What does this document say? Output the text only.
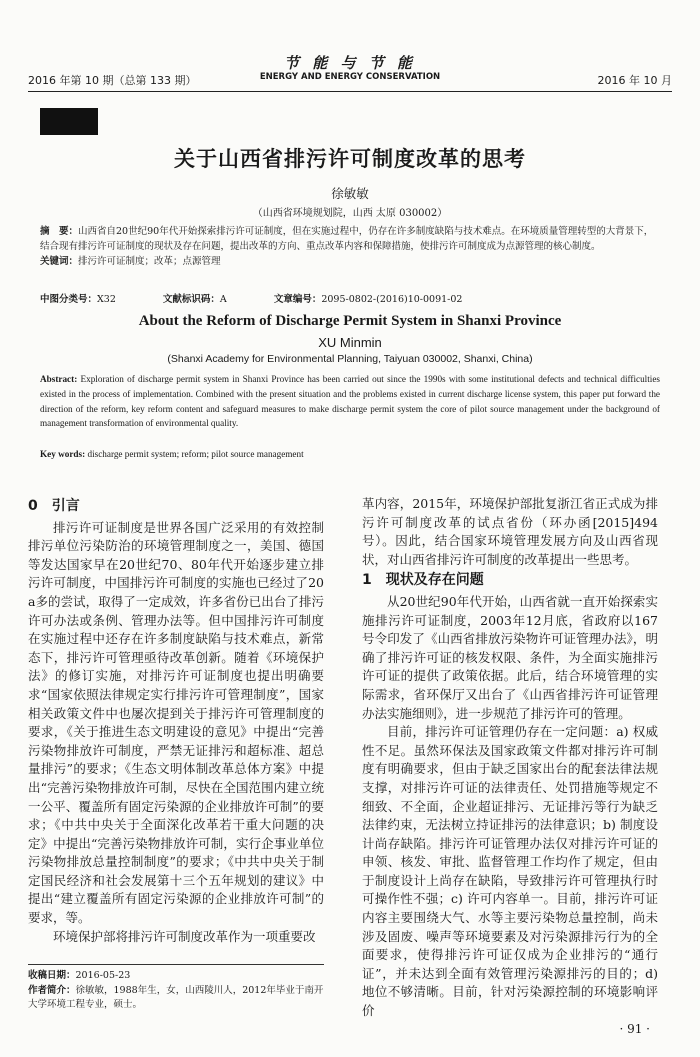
2016 年第 10 期（总第 133 期）
节 能 与 节 能
ENERGY AND ENERGY CONSERVATION	2016 年 10 月
关于山西省排污许可制度改革的思考
徐敏敏
（山西省环境规划院，山西 太原 030002）
摘　要：山西省自20世纪90年代开始探索排污许可证制度，但在实施过程中，仍存在许多制度缺陷与技术难点。在环境质量管理转型的大背景下，结合现有排污许可证制度的现状及存在问题，提出改革的方向、重点改革内容和保障措施，使排污许可制度成为点源管理的核心制度。
关键词：排污许可证制度；改革；点源管理
中图分类号：X32	文献标识码：A	文章编号：2095-0802-(2016)10-0091-02
About the Reform of Discharge Permit System in Shanxi Province
XU Minmin
(Shanxi Academy for Environmental Planning, Taiyuan 030002, Shanxi, China)
Abstract: Exploration of discharge permit system in Shanxi Province has been carried out since the 1990s with some institutional defects and technical difficulties existed in the process of implementation. Combined with the present situation and the problems existed in current discharge license system, this paper put forward the direction of the reform, key reform content and safeguard measures to make discharge permit system the core of pilot source management under the background of management transformation of environmental quality.
Key words: discharge permit system; reform; pilot source management
0　引言

排污许可证制度是世界各国广泛采用的有效控制排污单位污染防治的环境管理制度之一，美国、德国等发达国家早在20世纪70、80年代开始逐步建立排污许可制度，中国排污许可制度的实施也已经过了20 a多的尝试，取得了一定成效，许多省份已出台了排污许可办法或条例、管理办法等。但中国排污许可制度在实施过程中还存在许多制度缺陷与技术难点，新常态下，排污许可管理亟待改革创新。随着《环境保护法》的修订实施，对排污许可证制度也提出明确要求“国家依照法律规定实行排污许可管理制度”，国家相关政策文件中也屡次提到关于排污许可管理制度的要求，《关于推进生态文明建设的意见》中提出“完善污染物排放许可制度，严禁无证排污和超标准、超总量排污”的要求；《生态文明体制改革总体方案》中提出“完善污染物排放许可制，尽快在全国范围内建立统一公平、覆盖所有固定污染源的企业排放许可制”的要求；《中共中央关于全面深化改革若干重大问题的决定》中提出“完善污染物排放许可制，实行企事业单位污染物排放总量控制制度”的要求；《中共中央关于制定国民经济和社会发展第十三个五年规划的建议》中提出“建立覆盖所有固定污染源的企业排放许可制”的要求，等。

环境保护部将排污许可制度改革作为一项重要改

革内容，2015年，环境保护部批复浙江省正式成为排污许可制度改革的试点省份（环办函[2015]494号）。因此，结合国家环境管理发展方向及山西省现状，对山西省排污许可制度的改革提出一些思考。

1　现状及存在问题

从20世纪90年代开始，山西省就一直开始探索实施排污许可证制度，2003年12月底，省政府以167号令印发了《山西省排放污染物许可证管理办法》，明确了排污许可证的核发权限、条件，为全面实施排污许可证的提供了政策依据。此后，结合环境管理的实际需求，省环保厅又出台了《山西省排污许可证管理办法实施细则》，进一步规范了排污许可的管理。

目前，排污许可证管理仍存在一定问题：a) 权威性不足。虽然环保法及国家政策文件都对排污许可制度有明确要求，但由于缺乏国家出台的配套法律法规支撑，对排污许可证的法律责任、处罚措施等规定不细致、不全面，企业超证排污、无证排污等行为缺乏法律约束，无法树立持证排污的法律意识；b) 制度设计尚存缺陷。排污许可证管理办法仅对排污许可证的申领、核发、审批、监督管理工作均作了规定，但由于制度设计上尚存在缺陷，导致排污许可管理执行时可操作性不强；c) 许可内容单一。目前，排污许可证内容主要围绕大气、水等主要污染物总量控制，尚未涉及固废、噪声等环境要素及对污染源排污行为的全面要求，使得排污许可证仅成为企业排污的“通行证”，并未达到全面有效管理污染源排污的目的；d) 地位不够清晰。目前，针对污染源控制的环境影响评价

收稿日期：2016-05-23
作者简介：徐敏敏，1988年生，女，山西陵川人，2012年毕业于南开大学环境工程专业，硕士。
· 91 ·
